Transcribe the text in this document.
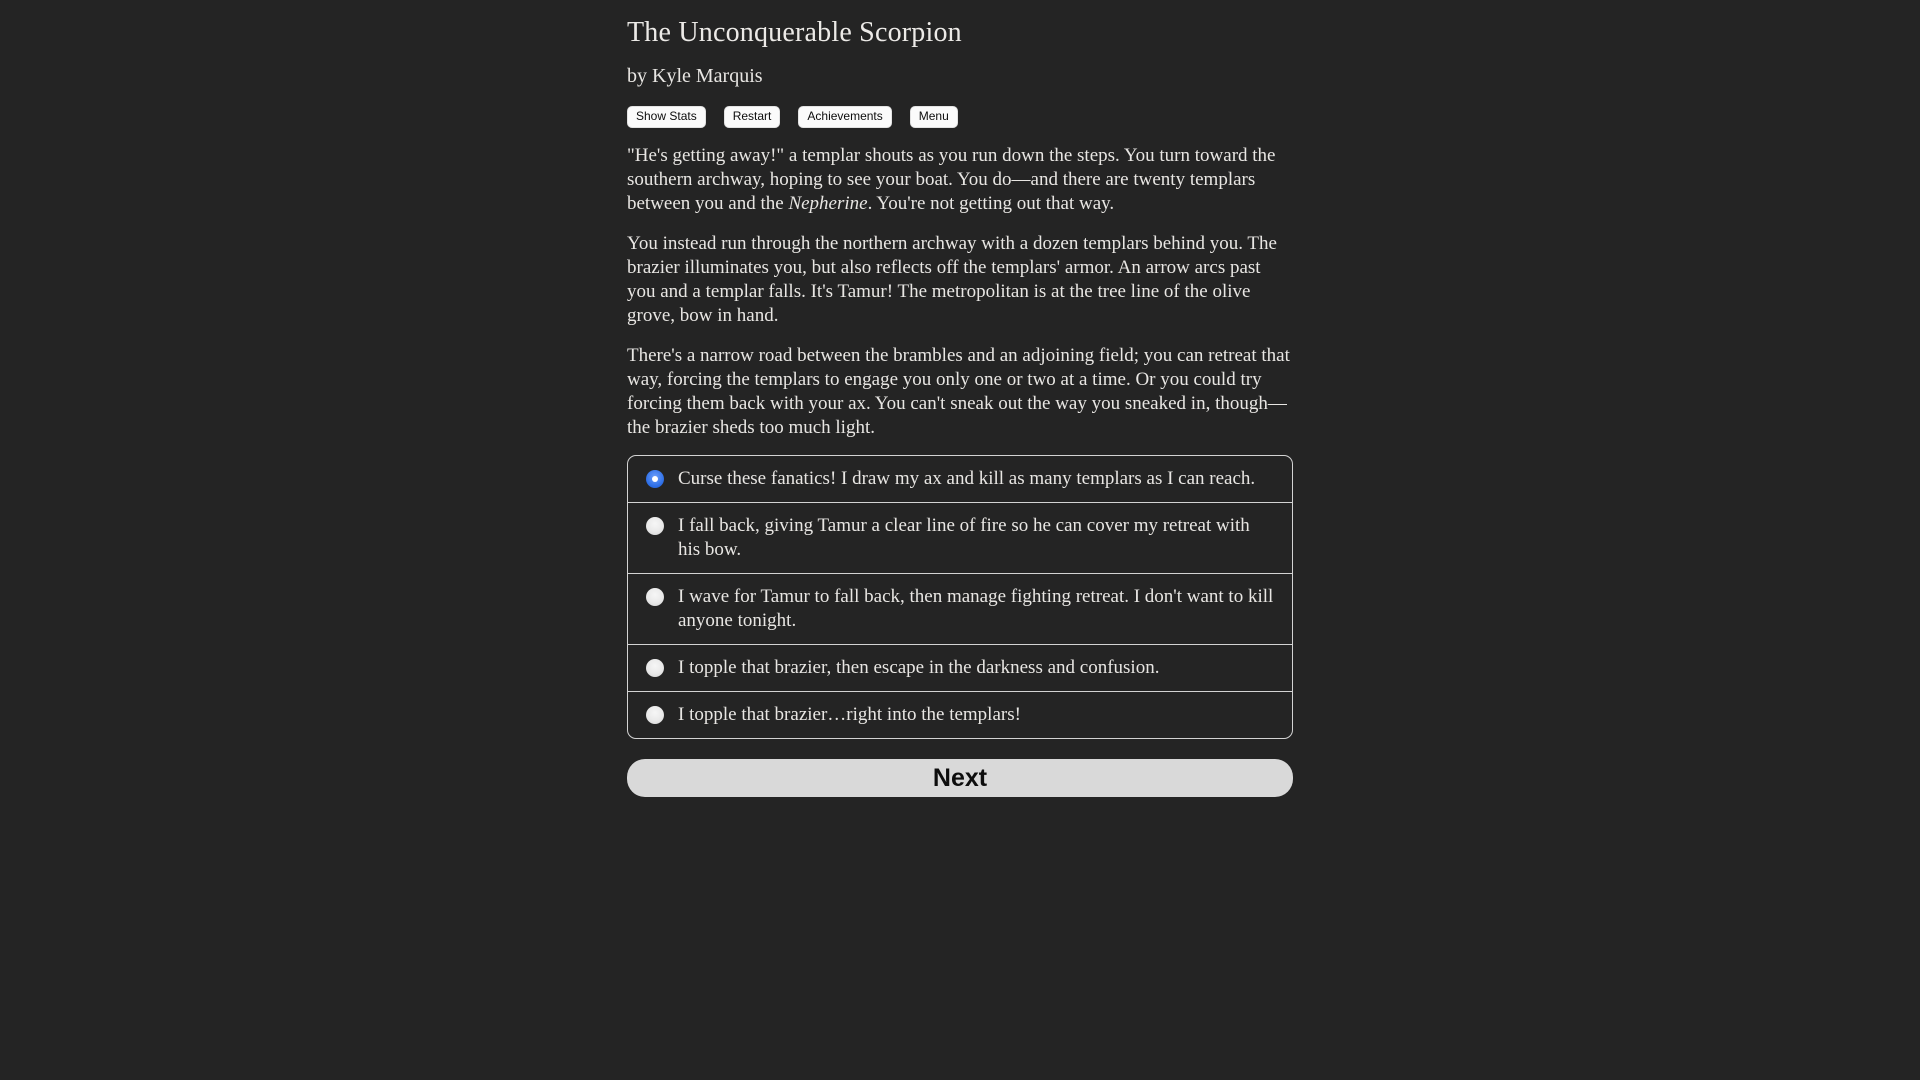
The Unconquerable Scorpion
by Kyle Marquis
Show Stats	Restart	Achievements	Menu

"He's getting away!" a templar shouts as you run down the steps. You turn toward the southern archway, hoping to see your boat. You do—and there are twenty templars between you and the Nepherine. You're not getting out that way.

You instead run through the northern archway with a dozen templars behind you. The brazier illuminates you, but also reflects off the templars' armor. An arrow arcs past you and a templar falls. It's Tamur! The metropolitan is at the tree line of the olive grove, bow in hand.

There's a narrow road between the brambles and an adjoining field; you can retreat that way, forcing the templars to engage you only one or two at a time. Or you could try forcing them back with your ax. You can't sneak out the way you sneaked in, though—the brazier sheds too much light.

Curse these fanatics! I draw my ax and kill as many templars as I can reach.
I fall back, giving Tamur a clear line of fire so he can cover my retreat with his bow.
I wave for Tamur to fall back, then manage fighting retreat. I don't want to kill anyone tonight.
I topple that brazier, then escape in the darkness and confusion.
I topple that brazier…right into the templars!
Next
